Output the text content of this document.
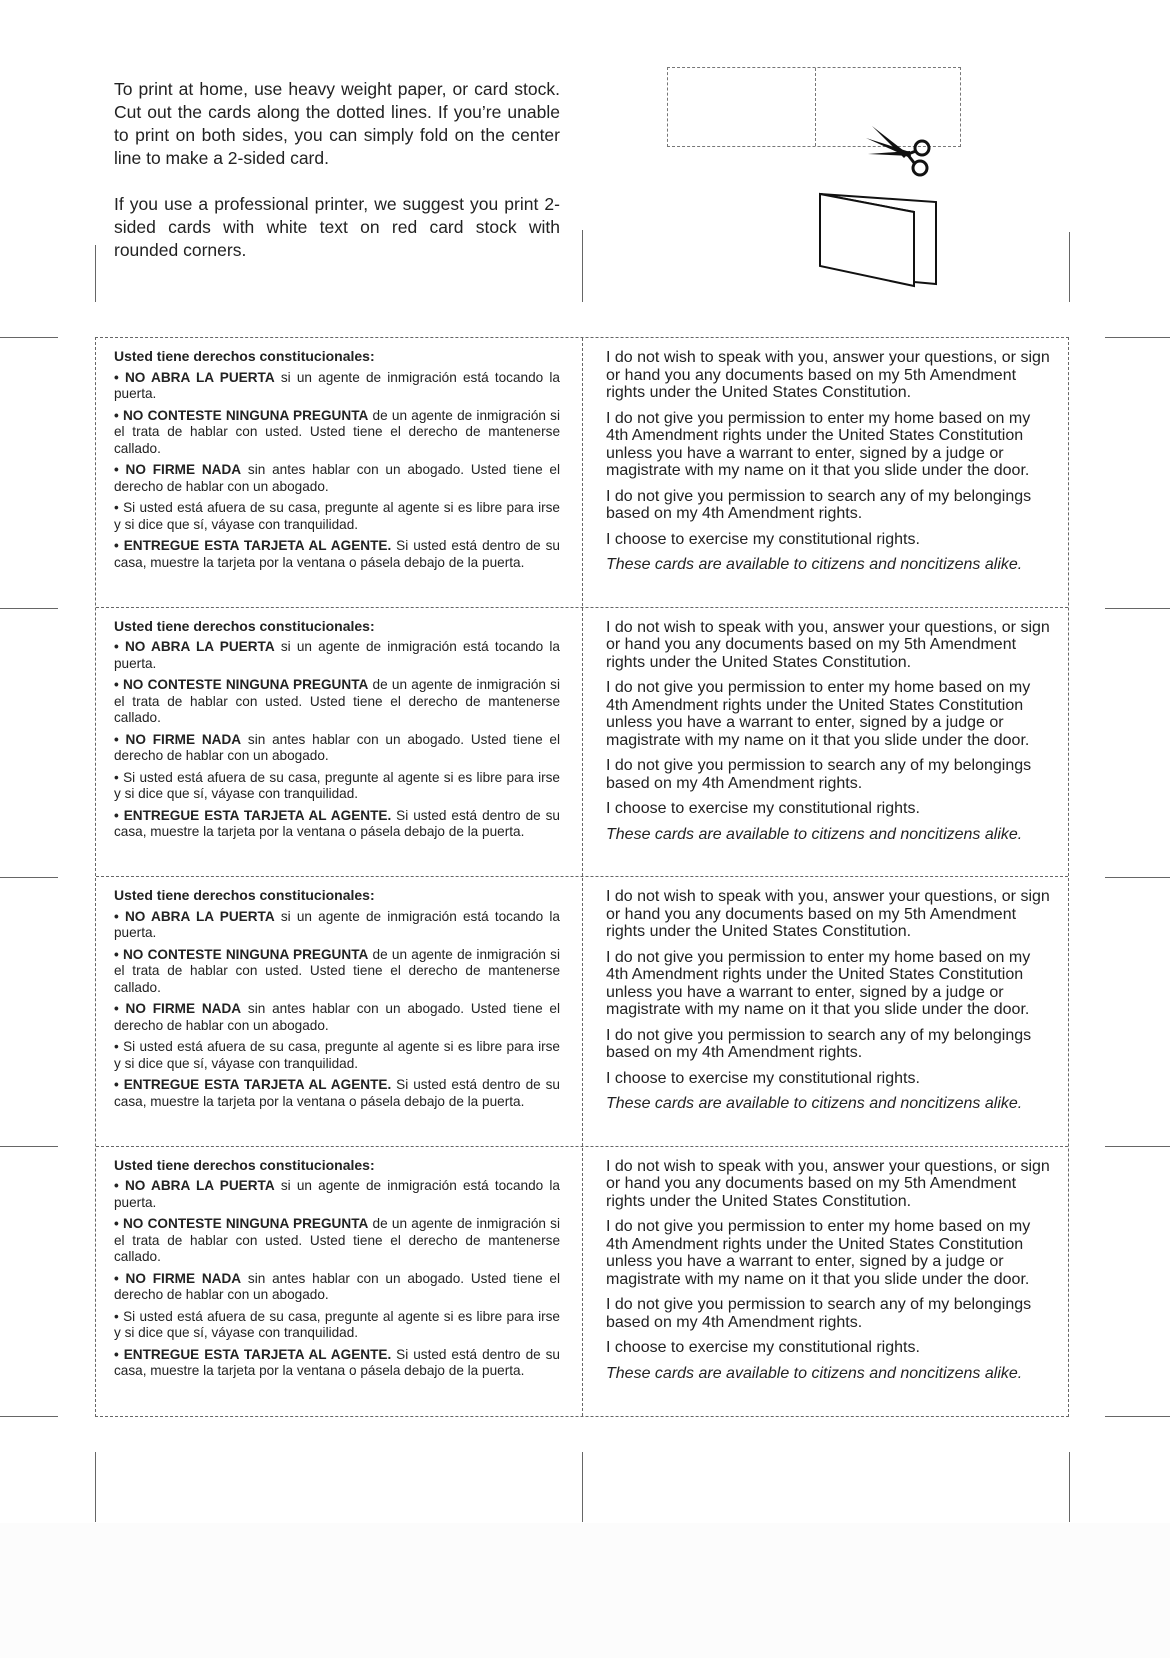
To print at home, use heavy weight paper, or card stock. Cut out the cards along the dotted lines. If you’re unable to print on both sides, you can simply fold on the center line to make a 2-sided card.

If you use a professional printer, we suggest you print 2-sided cards with white text on red card stock with rounded corners.

Usted tiene derechos constitucionales:
• NO ABRA LA PUERTA si un agente de inmigración está tocando la puerta.
• NO CONTESTE NINGUNA PREGUNTA de un agente de inmigración si el trata de hablar con usted. Usted tiene el derecho de mantenerse callado.
• NO FIRME NADA sin antes hablar con un abogado. Usted tiene el derecho de hablar con un abogado.
• Si usted está afuera de su casa, pregunte al agente si es libre para irse y si dice que sí, váyase con tranquilidad.
• ENTREGUE ESTA TARJETA AL AGENTE. Si usted está dentro de su casa, muestre la tarjeta por la ventana o pásela debajo de la puerta.

I do not wish to speak with you, answer your questions, or sign or hand you any documents based on my 5th Amendment rights under the United States Constitution.

I do not give you permission to enter my home based on my 4th Amendment rights under the United States Constitution unless you have a warrant to enter, signed by a judge or magistrate with my name on it that you slide under the door.

I do not give you permission to search any of my belongings based on my 4th Amendment rights.

I choose to exercise my constitutional rights.

These cards are available to citizens and noncitizens alike.

Usted tiene derechos constitucionales:
• NO ABRA LA PUERTA si un agente de inmigración está tocando la puerta.
• NO CONTESTE NINGUNA PREGUNTA de un agente de inmigración si el trata de hablar con usted. Usted tiene el derecho de mantenerse callado.
• NO FIRME NADA sin antes hablar con un abogado. Usted tiene el derecho de hablar con un abogado.
• Si usted está afuera de su casa, pregunte al agente si es libre para irse y si dice que sí, váyase con tranquilidad.
• ENTREGUE ESTA TARJETA AL AGENTE. Si usted está dentro de su casa, muestre la tarjeta por la ventana o pásela debajo de la puerta.

I do not wish to speak with you, answer your questions, or sign or hand you any documents based on my 5th Amendment rights under the United States Constitution.

I do not give you permission to enter my home based on my 4th Amendment rights under the United States Constitution unless you have a warrant to enter, signed by a judge or magistrate with my name on it that you slide under the door.

I do not give you permission to search any of my belongings based on my 4th Amendment rights.

I choose to exercise my constitutional rights.

These cards are available to citizens and noncitizens alike.

Usted tiene derechos constitucionales:
• NO ABRA LA PUERTA si un agente de inmigración está tocando la puerta.
• NO CONTESTE NINGUNA PREGUNTA de un agente de inmigración si el trata de hablar con usted. Usted tiene el derecho de mantenerse callado.
• NO FIRME NADA sin antes hablar con un abogado. Usted tiene el derecho de hablar con un abogado.
• Si usted está afuera de su casa, pregunte al agente si es libre para irse y si dice que sí, váyase con tranquilidad.
• ENTREGUE ESTA TARJETA AL AGENTE. Si usted está dentro de su casa, muestre la tarjeta por la ventana o pásela debajo de la puerta.

I do not wish to speak with you, answer your questions, or sign or hand you any documents based on my 5th Amendment rights under the United States Constitution.

I do not give you permission to enter my home based on my 4th Amendment rights under the United States Constitution unless you have a warrant to enter, signed by a judge or magistrate with my name on it that you slide under the door.

I do not give you permission to search any of my belongings based on my 4th Amendment rights.

I choose to exercise my constitutional rights.

These cards are available to citizens and noncitizens alike.

Usted tiene derechos constitucionales:
• NO ABRA LA PUERTA si un agente de inmigración está tocando la puerta.
• NO CONTESTE NINGUNA PREGUNTA de un agente de inmigración si el trata de hablar con usted. Usted tiene el derecho de mantenerse callado.
• NO FIRME NADA sin antes hablar con un abogado. Usted tiene el derecho de hablar con un abogado.
• Si usted está afuera de su casa, pregunte al agente si es libre para irse y si dice que sí, váyase con tranquilidad.
• ENTREGUE ESTA TARJETA AL AGENTE. Si usted está dentro de su casa, muestre la tarjeta por la ventana o pásela debajo de la puerta.

I do not wish to speak with you, answer your questions, or sign or hand you any documents based on my 5th Amendment rights under the United States Constitution.

I do not give you permission to enter my home based on my 4th Amendment rights under the United States Constitution unless you have a warrant to enter, signed by a judge or magistrate with my name on it that you slide under the door.

I do not give you permission to search any of my belongings based on my 4th Amendment rights.

I choose to exercise my constitutional rights.

These cards are available to citizens and noncitizens alike.
